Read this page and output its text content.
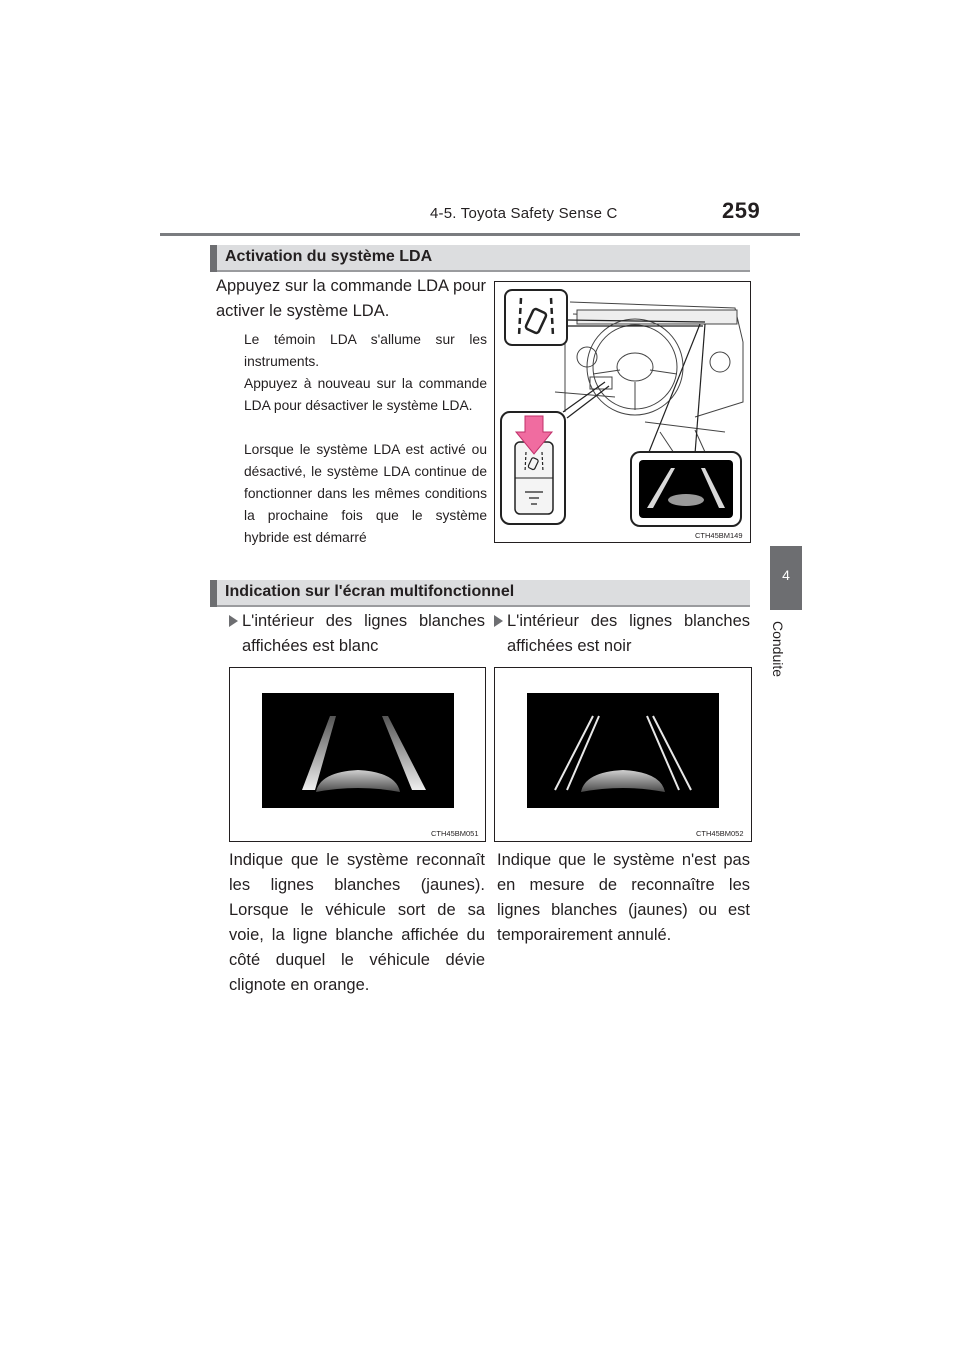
4-5. Toyota Safety Sense C	259
4
Conduite
Activation du système LDA
Appuyez sur la commande LDA pour activer le système LDA.
Le témoin LDA s'allume sur les instruments.
Appuyez à nouveau sur la commande LDA pour désactiver le système LDA.
Lorsque le système LDA est activé ou désactivé, le système LDA continue de fonctionner dans les mêmes conditions la prochaine fois que le système hybride est démarré	CTH45BM149
Indication sur l'écran multifonctionnel
L'intérieur des lignes blanches affichées est blanc
L'intérieur des lignes blanches affichées est noir
CTH45BM051	CTH45BM052
Indique que le système reconnaît les lignes blanches (jaunes). Lorsque le véhicule sort de sa voie, la ligne blanche affichée du côté duquel le véhicule dévie clignote en orange.
Indique que le système n'est pas en mesure de reconnaître les lignes blanches (jaunes) ou est temporairement annulé.
